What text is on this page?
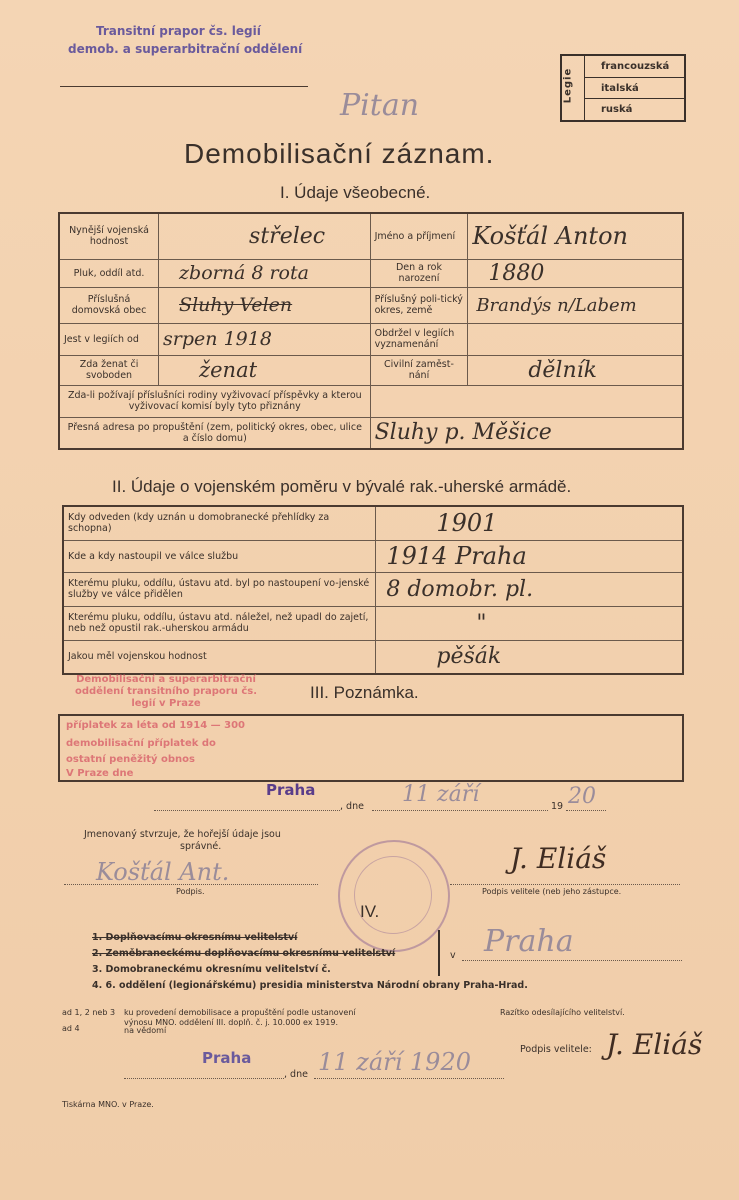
Transitní prapor čs. legií
demob. a superarbitrační oddělení
Pitan
Legie
francouzská
italská
ruská
Demobilisační záznam.
I. Údaje všeobecné.
Nynější vojenská hodnost	střelec	Jméno a příjmení	Košťál Anton
Pluk, oddíl atd.	zborná 8 rota	Den a rok narození	1880
Příslušná domovská obec	Sluhy Velen	Příslušný poli-tický okres, země	Brandýs n/Labem
Jest v legiích od	srpen 1918	Obdržel v legiích vyznamenání	
Zda ženat či svoboden	ženat	Civilní zaměst-nání	dělník
Zda-li požívají příslušníci rodiny vyživovací příspěvky a kterou vyživovací komisí byly tyto přiznány			
Přesná adresa po propuštění (zem, politický okres, obec, ulice a číslo domu)		Sluhy p. Měšice	
II. Údaje o vojenském poměru v bývalé rak.-uherské armádě.
Kdy odveden (kdy uznán u domobranecké přehlídky za schopna)	1901
Kde a kdy nastoupil ve válce službu	1914 Praha
Kterému pluku, oddílu, ústavu atd. byl po nastoupení vo-jenské služby ve válce přidělen	8 domobr. pl.
Kterému pluku, oddílu, ústavu atd. náležel, než upadl do zajetí, neb než opustil rak.-uherskou armádu	"
Jakou měl vojenskou hodnost	pěšák
Demobilisační a superarbitrační
oddělení transitního praporu čs.
legií v Praze
III. Poznámka.
příplatek za léta od 1914 — 300
demobilisační příplatek do
ostatní peněžitý obnos
V Praze dne
Praha
, dne 11 září	19 20
Jmenovaný stvrzuje, že hořejší údaje jsou
správné.
Košťál Ant.
Podpis.
J. Eliáš
Podpis velitele (neb jeho zástupce.
IV.
1. Doplňovacímu okresnímu velitelství
2. Zeměbraneckému doplňovacímu okresnímu velitelství
3. Domobraneckému okresnímu velitelství č.
4. 6. oddělení (legionářskému) presidia ministerstva Národní obrany Praha-Hrad.
v Praha
ad 1, 2 neb 3 ku provedení demobilisace a propuštění podle ustanovení
výnosu MNO. oddělení III. doplň. č. j. 10.000 ex 1919.
ad 4	na vědomí
Razítko odesílajícího velitelství.
Podpis velitele: J. Eliáš
Praha
, dne 11 září 1920
Tiskárna MNO. v Praze.
